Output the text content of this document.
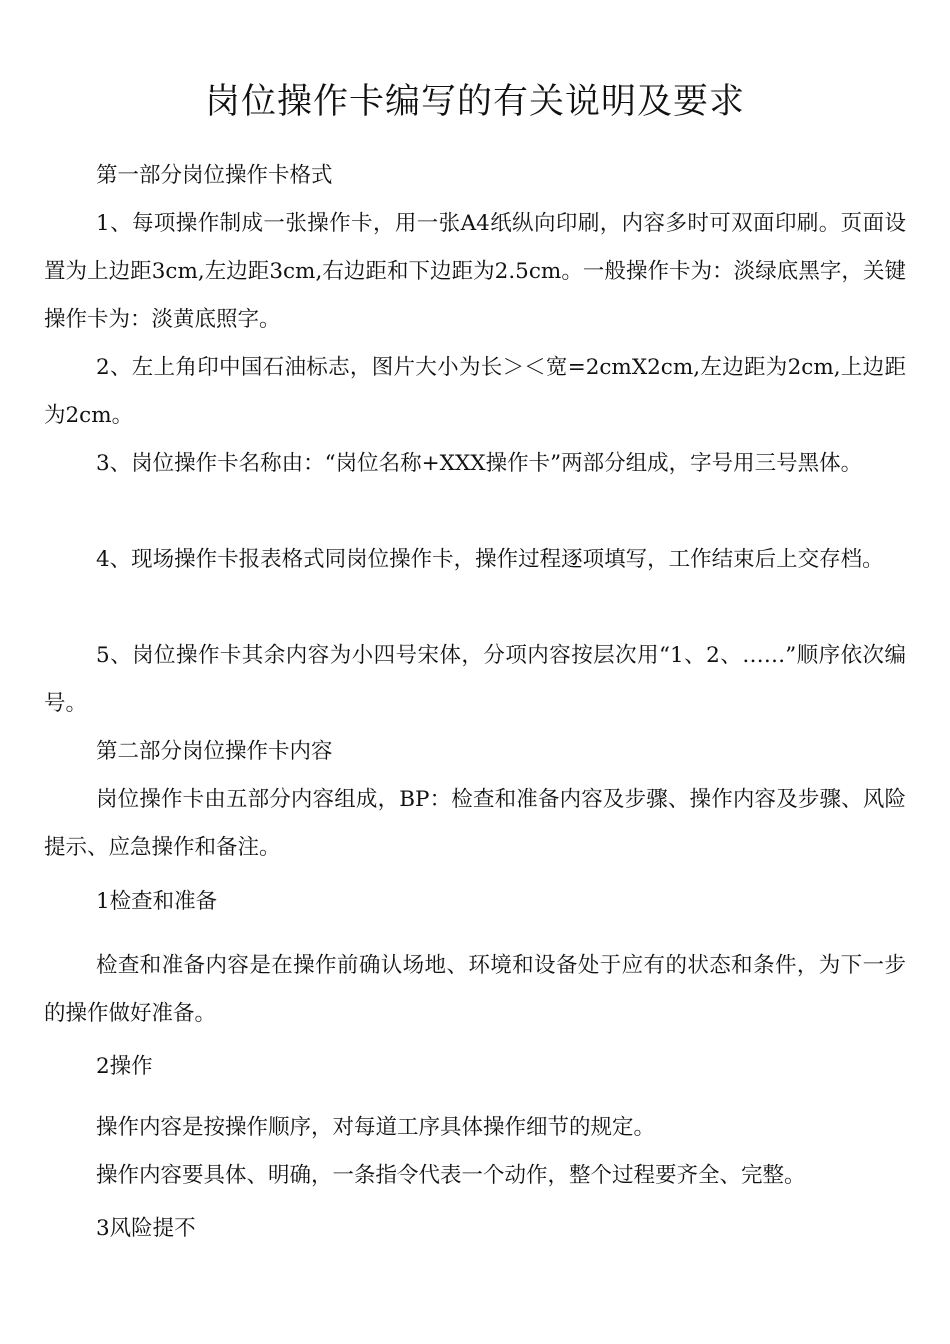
岗位操作卡编写的有关说明及要求

第一部分岗位操作卡格式

1、每项操作制成一张操作卡，用一张A4纸纵向印刷，内容多时可双面印刷。页面设置为上边距3cm,左边距3cm,右边距和下边距为2.5cm。一般操作卡为：淡绿底黑字，关键操作卡为：淡黄底照字。

2、左上角印中国石油标志，图片大小为长＞＜宽=2cmX2cm,左边距为2cm,上边距为2cm。

3、岗位操作卡名称由：“岗位名称+XXX操作卡”两部分组成，字号用三号黑体。

4、现场操作卡报表格式同岗位操作卡，操作过程逐项填写，工作结束后上交存档。

5、岗位操作卡其余内容为小四号宋体，分项内容按层次用“1、2、……”顺序依次编号。

第二部分岗位操作卡内容

岗位操作卡由五部分内容组成，BP：检查和准备内容及步骤、操作内容及步骤、风险提示、应急操作和备注。

1检查和准备

检查和准备内容是在操作前确认场地、环境和设备处于应有的状态和条件，为下一步的操作做好准备。

2操作

操作内容是按操作顺序，对每道工序具体操作细节的规定。

操作内容要具体、明确，一条指令代表一个动作，整个过程要齐全、完整。

3风险提不
